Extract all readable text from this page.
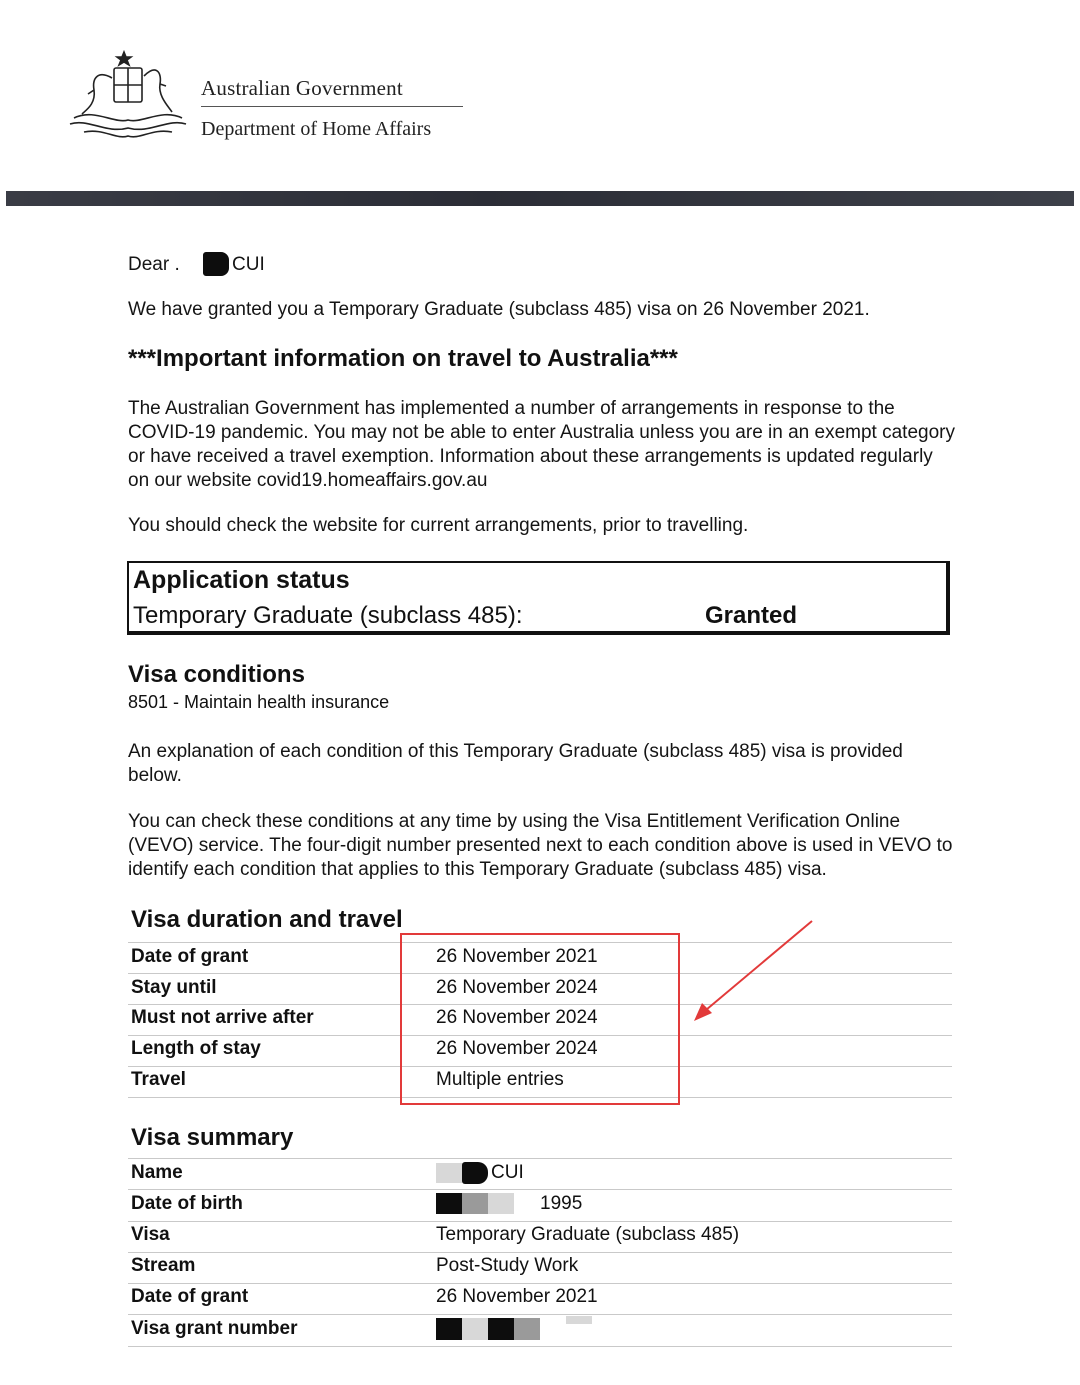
Australian Government
Department of Home Affairs
Dear .	CUI
We have granted you a Temporary Graduate (subclass 485) visa on 26 November 2021.
***Important information on travel to Australia***
The Australian Government has implemented a number of arrangements in response to the COVID-19 pandemic. You may not be able to enter Australia unless you are in an exempt category or have received a travel exemption. Information about these arrangements is updated regularly on our website covid19.homeaffairs.gov.au
You should check the website for current arrangements, prior to travelling.
Application status
Temporary Graduate (subclass 485):	Granted
Visa conditions
8501 - Maintain health insurance
An explanation of each condition of this Temporary Graduate (subclass 485) visa is provided below.
You can check these conditions at any time by using the Visa Entitlement Verification Online (VEVO) service. The four-digit number presented next to each condition above is used in VEVO to identify each condition that applies to this Temporary Graduate (subclass 485) visa.
Visa duration and travel
Date of grant	26 November 2021
Stay until	26 November 2024
Must not arrive after	26 November 2024
Length of stay	26 November 2024
Travel	Multiple entries
Visa summary
Name	CUI
Date of birth	1995
Visa	Temporary Graduate (subclass 485)
Stream	Post-Study Work
Date of grant	26 November 2021
Visa grant number
